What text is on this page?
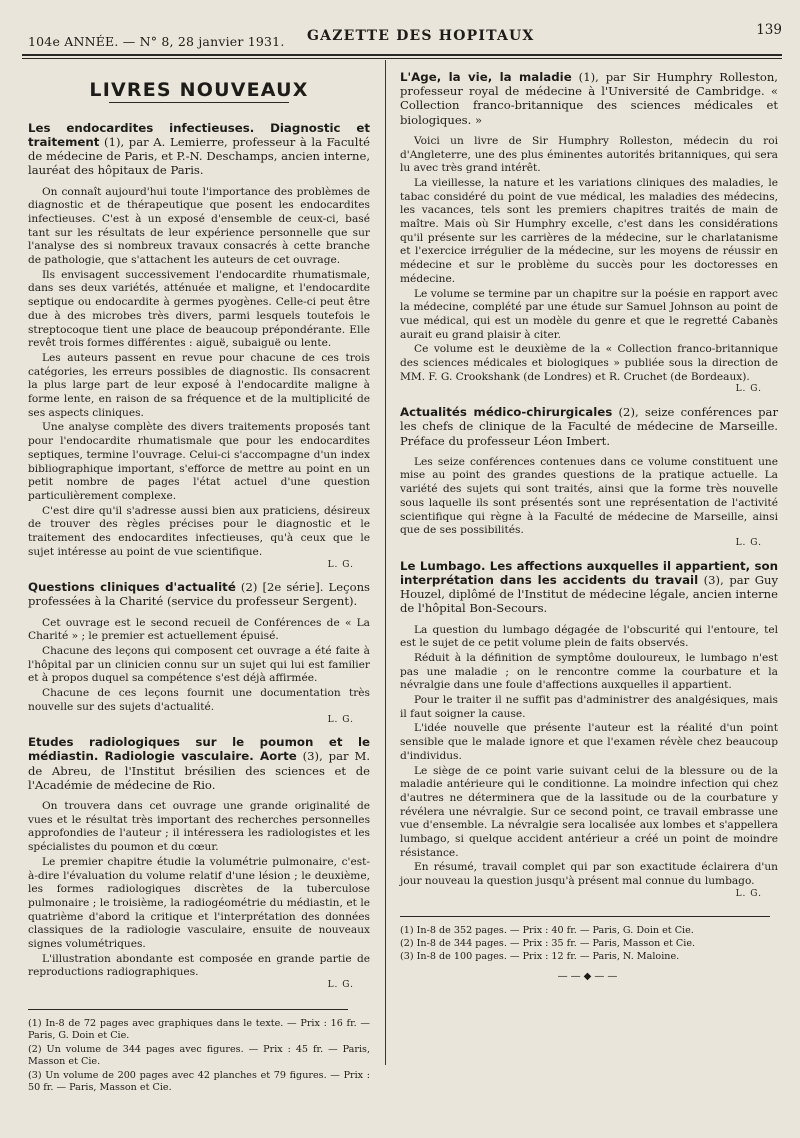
104e ANNÉE. — N° 8, 28 janvier 1931. GAZETTE DES HOPITAUX	139
LIVRES NOUVEAUX
Les endocardites infectieuses. Diagnostic et traitement (1), par A. Lemierre, professeur à la Faculté de médecine de Paris, et P.-N. Deschamps, ancien interne, lauréat des hôpitaux de Paris.

On connaît aujourd'hui toute l'importance des problèmes de diagnostic et de thérapeutique que posent les endocardites infectieuses. C'est à un exposé d'ensemble de ceux-ci, basé tant sur les résultats de leur expérience personnelle que sur l'analyse des si nombreux travaux consacrés à cette branche de pathologie, que s'attachent les auteurs de cet ouvrage.

Ils envisagent successivement l'endocardite rhumatismale, dans ses deux variétés, atténuée et maligne, et l'endocardite septique ou endocardite à germes pyogènes. Celle-ci peut être due à des microbes très divers, parmi lesquels toutefois le streptocoque tient une place de beaucoup prépondérante. Elle revêt trois formes différentes : aiguë, subaiguë ou lente.

Les auteurs passent en revue pour chacune de ces trois catégories, les erreurs possibles de diagnostic. Ils consacrent la plus large part de leur exposé à l'endocardite maligne à forme lente, en raison de sa fréquence et de la multiplicité de ses aspects cliniques.

Une analyse complète des divers traitements proposés tant pour l'endocardite rhumatismale que pour les endocardites septiques, termine l'ouvrage. Celui-ci s'accompagne d'un index bibliographique important, s'efforce de mettre au point en un petit nombre de pages l'état actuel d'une question particulièrement complexe.

C'est dire qu'il s'adresse aussi bien aux praticiens, désireux de trouver des règles précises pour le diagnostic et le traitement des endocardites infectieuses, qu'à ceux que le sujet intéresse au point de vue scientifique.

L. G.
Questions cliniques d'actualité (2) [2e série]. Leçons professées à la Charité (service du professeur Sergent).

Cet ouvrage est le second recueil de Conférences de « La Charité » ; le premier est actuellement épuisé.

Chacune des leçons qui composent cet ouvrage a été faite à l'hôpital par un clinicien connu sur un sujet qui lui est familier et à propos duquel sa compétence s'est déjà affirmée.

Chacune de ces leçons fournit une documentation très nouvelle sur des sujets d'actualité.

L. G.
Etudes radiologiques sur le poumon et le médiastin. Radiologie vasculaire. Aorte (3), par M. de Abreu, de l'Institut brésilien des sciences et de l'Académie de médecine de Rio.

On trouvera dans cet ouvrage une grande originalité de vues et le résultat très important des recherches personnelles approfondies de l'auteur ; il intéressera les radiologistes et les spécialistes du poumon et du cœur.

Le premier chapitre étudie la volumétrie pulmonaire, c'est-à-dire l'évaluation du volume relatif d'une lésion ; le deuxième, les formes radiologiques discrètes de la tuberculose pulmonaire ; le troisième, la radiogéométrie du médiastin, et le quatrième d'abord la critique et l'interprétation des données classiques de la radiologie vasculaire, ensuite de nouveaux signes volumétriques.

L'illustration abondante est composée en grande partie de reproductions radiographiques.

L. G.
(1) In-8 de 72 pages avec graphiques dans le texte. — Prix : 16 fr. — Paris, G. Doin et Cie.
(2) Un volume de 344 pages avec figures. — Prix : 45 fr. — Paris, Masson et Cie.
(3) Un volume de 200 pages avec 42 planches et 79 figures. — Prix : 50 fr. — Paris, Masson et Cie.
L'Age, la vie, la maladie (1), par Sir Humphry Rolleston, professeur royal de médecine à l'Université de Cambridge. « Collection franco-britannique des sciences médicales et biologiques. »

Voici un livre de Sir Humphry Rolleston, médecin du roi d'Angleterre, une des plus éminentes autorités britanniques, qui sera lu avec très grand intérêt.

La vieillesse, la nature et les variations cliniques des maladies, le tabac considéré du point de vue médical, les maladies des médecins, les vacances, tels sont les premiers chapitres traités de main de maître. Mais où Sir Humphry excelle, c'est dans les considérations qu'il présente sur les carrières de la médecine, sur le charlatanisme et l'exercice irrégulier de la médecine, sur les moyens de réussir en médecine et sur le problème du succès pour les doctoresses en médecine.

Le volume se termine par un chapitre sur la poésie en rapport avec la médecine, complété par une étude sur Samuel Johnson au point de vue médical, qui est un modèle du genre et que le regretté Cabanès aurait eu grand plaisir à citer.

Ce volume est le deuxième de la « Collection franco-britannique des sciences médicales et biologiques » publiée sous la direction de MM. F. G. Crookshank (de Londres) et R. Cruchet (de Bordeaux).

L. G.
Actualités médico-chirurgicales (2), seize conférences par les chefs de clinique de la Faculté de médecine de Marseille. Préface du professeur Léon Imbert.

Les seize conférences contenues dans ce volume constituent une mise au point des grandes questions de la pratique actuelle. La variété des sujets qui sont traités, ainsi que la forme très nouvelle sous laquelle ils sont présentés sont une représentation de l'activité scientifique qui règne à la Faculté de médecine de Marseille, ainsi que de ses possibilités.

L. G.
Le Lumbago. Les affections auxquelles il appartient, son interprétation dans les accidents du travail (3), par Guy Houzel, diplômé de l'Institut de médecine légale, ancien interne de l'hôpital Bon-Secours.

La question du lumbago dégagée de l'obscurité qui l'entoure, tel est le sujet de ce petit volume plein de faits observés.

Réduit à la définition de symptôme douloureux, le lumbago n'est pas une maladie ; on le rencontre comme la courbature et la névralgie dans une foule d'affections auxquelles il appartient.

Pour le traiter il ne suffit pas d'administrer des analgésiques, mais il faut soigner la cause.

L'idée nouvelle que présente l'auteur est la réalité d'un point sensible que le malade ignore et que l'examen révèle chez beaucoup d'individus.

Le siège de ce point varie suivant celui de la blessure ou de la maladie antérieure qui le conditionne. La moindre infection qui chez d'autres ne déterminera que de la lassitude ou de la courbature y révélera une névralgie. Sur ce second point, ce travail embrasse une vue d'ensemble. La névralgie sera localisée aux lombes et s'appellera lumbago, si quelque accident antérieur a créé un point de moindre résistance.

En résumé, travail complet qui par son exactitude éclairera d'un jour nouveau la question jusqu'à présent mal connue du lumbago.

L. G.
(1) In-8 de 352 pages. — Prix : 40 fr. — Paris, G. Doin et Cie.
(2) In-8 de 344 pages. — Prix : 35 fr. — Paris, Masson et Cie.
(3) In-8 de 100 pages. — Prix : 12 fr. — Paris, N. Maloine.
——◆——
